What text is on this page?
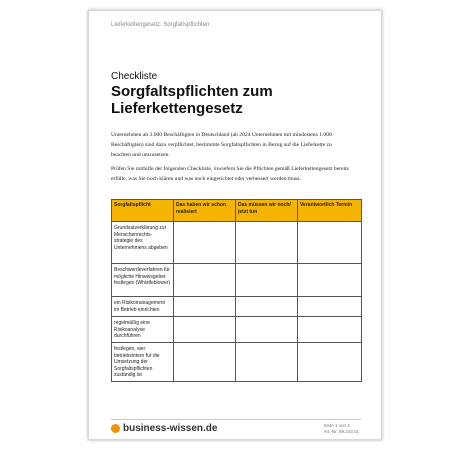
Lieferkettengesetz: Sorgfaltspflichten
Checkliste
Sorgfaltspflichten zum Lieferkettengesetz
Unternehmen ab 3.000 Beschäftigten in Deutschland (ab 2024 Unternehmen mit mindestens 1.000 Beschäftigten) sind dazu verpflichtet, bestimmte Sorgfaltspflichten in Bezug auf die Lieferkette zu beachten und umzusetzen.
Prüfen Sie mithilfe der folgenden Checkliste, inwiefern Sie die Pflichten gemäß Lieferkettengesetz bereits erfülle, was Sie noch klären und was noch eingerichtet oder verbessert werden muss.
Sorgfaltspflicht	Das haben wir schon realisiert	Das müssen wir noch/ jetzt tun	Verantwortlich Termin
Grundsatzerklärung zur Menschenrechts-strategie des Unternehmens abgeben			
Beschwerdeverfahren für mögliche Hinweisgeber festlegen (Whistleblower)			
ein Risikomanagement im Betrieb einrichten			
regelmäßig eine Risikoanalyse durchführen			
festlegen, wer betriebsintern für die Umsetzung der Sorgfaltspflichten zuständig ist			
business-wissen.de	Seite 1 von 2
Art.-Nr. 99.243.01
